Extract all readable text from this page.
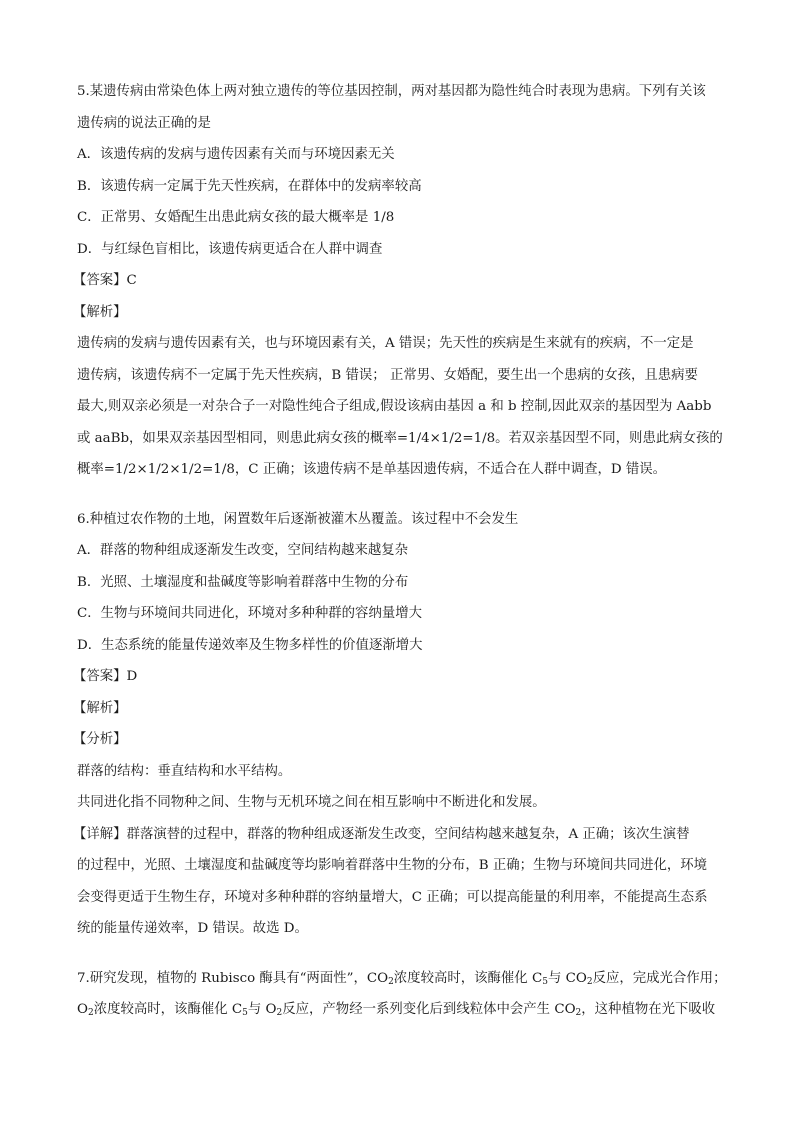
5.某遗传病由常染色体上两对独立遗传的等位基因控制，两对基因都为隐性纯合时表现为患病。下列有关该
遗传病的说法正确的是
A．该遗传病的发病与遗传因素有关而与环境因素无关
B．该遗传病一定属于先天性疾病，在群体中的发病率较高
C．正常男、女婚配生出患此病女孩的最大概率是 1/8
D．与红绿色盲相比，该遗传病更适合在人群中调查
【答案】C
【解析】
遗传病的发病与遗传因素有关，也与环境因素有关，A 错误；先天性的疾病是生来就有的疾病，不一定是
遗传病，该遗传病不一定属于先天性疾病，B 错误； 正常男、女婚配，要生出一个患病的女孩，且患病要
最大,则双亲必须是一对杂合子一对隐性纯合子组成,假设该病由基因 a 和 b 控制,因此双亲的基因型为 Aabb
或 aaBb，如果双亲基因型相同，则患此病女孩的概率=1/4×1/2=1/8。若双亲基因型不同，则患此病女孩的
概率=1/2×1/2×1/2=1/8，C 正确；该遗传病不是单基因遗传病，不适合在人群中调查，D 错误。
6.种植过农作物的土地，闲置数年后逐渐被灌木丛覆盖。该过程中不会发生
A．群落的物种组成逐渐发生改变，空间结构越来越复杂
B．光照、土壤湿度和盐碱度等影响着群落中生物的分布
C．生物与环境间共同进化，环境对多种种群的容纳量增大
D．生态系统的能量传递效率及生物多样性的价值逐渐增大
【答案】D
【解析】
【分析】
群落的结构：垂直结构和水平结构。
共同进化指不同物种之间、生物与无机环境之间在相互影响中不断进化和发展。
【详解】群落演替的过程中，群落的物种组成逐渐发生改变，空间结构越来越复杂，A 正确；该次生演替
的过程中，光照、土壤湿度和盐碱度等均影响着群落中生物的分布，B 正确；生物与环境间共同进化，环境
会变得更适于生物生存，环境对多种种群的容纳量增大，C 正确；可以提高能量的利用率，不能提高生态系
统的能量传递效率，D 错误。故选 D。
7.研究发现，植物的 Rubisco 酶具有“两面性”，$CO_2$浓度较高时，该酶催化 $C_5$与 $CO_2$反应，完成光合作用；
$O_2$浓度较高时，该酶催化 $C_5$与 $O_2$反应，产物经一系列变化后到线粒体中会产生 $CO_2$，这种植物在光下吸收
